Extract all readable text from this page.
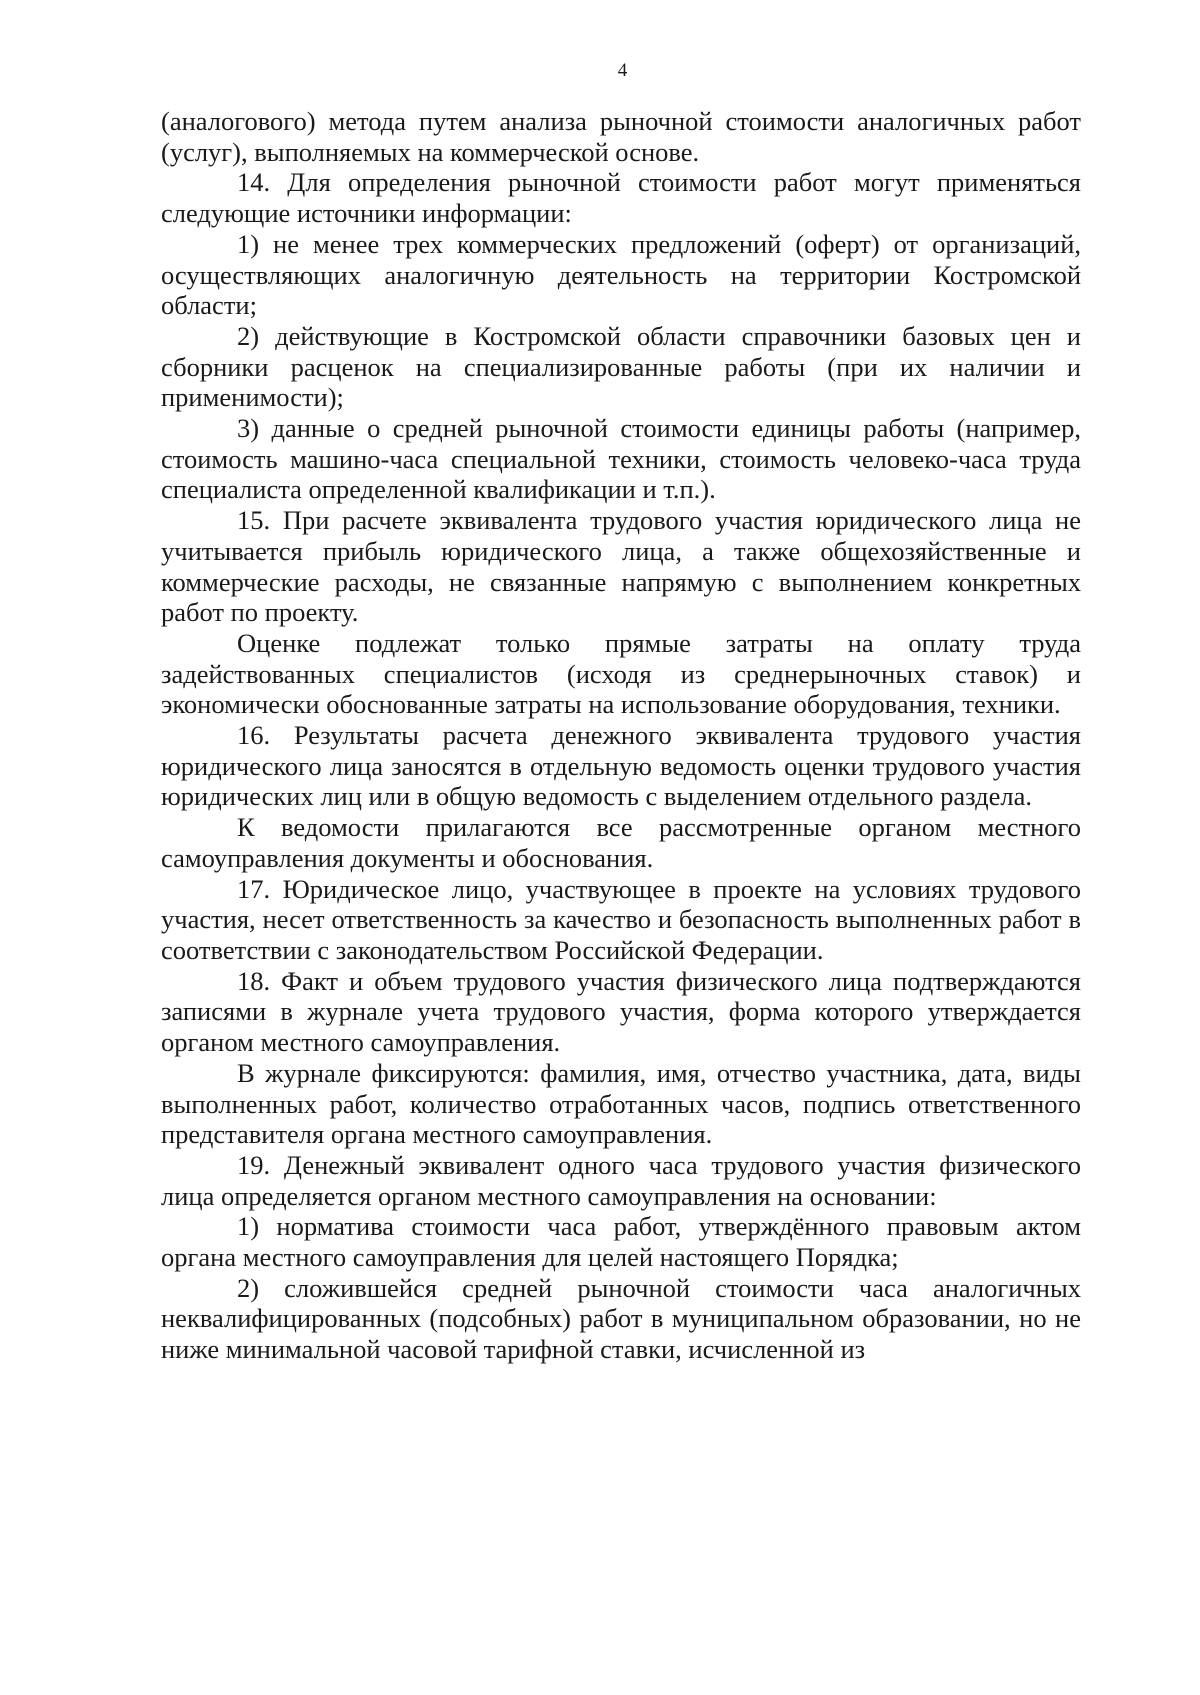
4

(аналогового) метода путем анализа рыночной стоимости аналогичных работ (услуг), выполняемых на коммерческой основе.

14. Для определения рыночной стоимости работ могут применяться следующие источники информации:

1) не менее трех коммерческих предложений (оферт) от организаций, осуществляющих аналогичную деятельность на территории Костромской области;

2) действующие в Костромской области справочники базовых цен и сборники расценок на специализированные работы (при их наличии и применимости);

3) данные о средней рыночной стоимости единицы работы (например, стоимость машино-часа специальной техники, стоимость человеко-часа труда специалиста определенной квалификации и т.п.).

15. При расчете эквивалента трудового участия юридического лица не учитывается прибыль юридического лица, а также общехозяйственные и коммерческие расходы, не связанные напрямую с выполнением конкретных работ по проекту.

Оценке подлежат только прямые затраты на оплату труда задействованных специалистов (исходя из среднерыночных ставок) и экономически обоснованные затраты на использование оборудования, техники.

16. Результаты расчета денежного эквивалента трудового участия юридического лица заносятся в отдельную ведомость оценки трудового участия юридических лиц или в общую ведомость с выделением отдельного раздела.

К ведомости прилагаются все рассмотренные органом местного самоуправления документы и обоснования.

17. Юридическое лицо, участвующее в проекте на условиях трудового участия, несет ответственность за качество и безопасность выполненных работ в соответствии с законодательством Российской Федерации.

18. Факт и объем трудового участия физического лица подтверждаются записями в журнале учета трудового участия, форма которого утверждается органом местного самоуправления.

В журнале фиксируются: фамилия, имя, отчество участника, дата, виды выполненных работ, количество отработанных часов, подпись ответственного представителя органа местного самоуправления.

19. Денежный эквивалент одного часа трудового участия физического лица определяется органом местного самоуправления на основании:

1) норматива стоимости часа работ, утверждённого правовым актом органа местного самоуправления для целей настоящего Порядка;

2) сложившейся средней рыночной стоимости часа аналогичных неквалифицированных (подсобных) работ в муниципальном образовании, но не ниже минимальной часовой тарифной ставки, исчисленной из
